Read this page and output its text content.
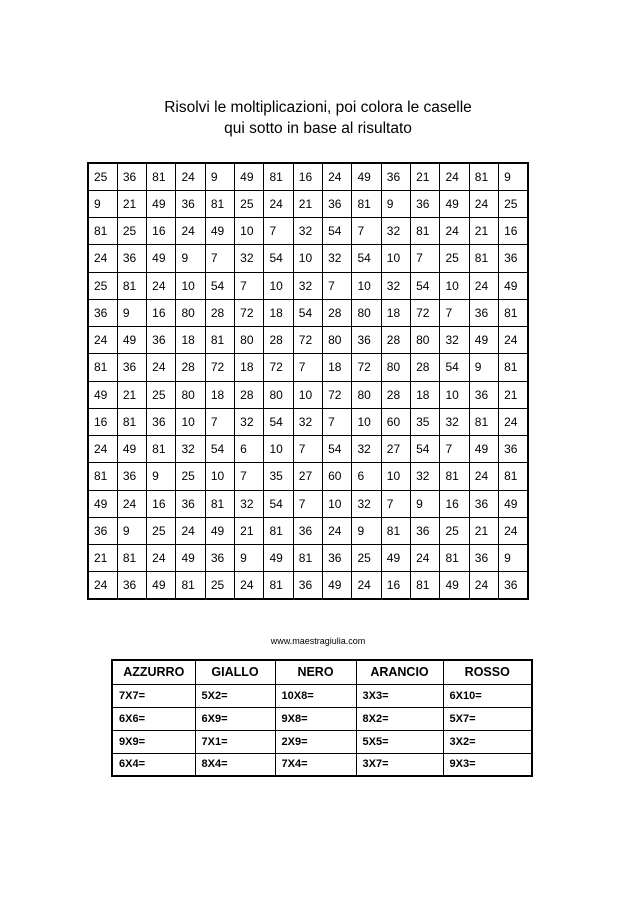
Risolvi le moltiplicazioni, poi colora le caselle
qui sotto in base al risultato
25	36	81	24	9	49	81	16	24	49	36	21	24	81	9
9	21	49	36	81	25	24	21	36	81	9	36	49	24	25
81	25	16	24	49	10	7	32	54	7	32	81	24	21	16
24	36	49	9	7	32	54	10	32	54	10	7	25	81	36
25	81	24	10	54	7	10	32	7	10	32	54	10	24	49
36	9	16	80	28	72	18	54	28	80	18	72	7	36	81
24	49	36	18	81	80	28	72	80	36	28	80	32	49	24
81	36	24	28	72	18	72	7	18	72	80	28	54	9	81
49	21	25	80	18	28	80	10	72	80	28	18	10	36	21
16	81	36	10	7	32	54	32	7	10	60	35	32	81	24
24	49	81	32	54	6	10	7	54	32	27	54	7	49	36
81	36	9	25	10	7	35	27	60	6	10	32	81	24	81
49	24	16	36	81	32	54	7	10	32	7	9	16	36	49
36	9	25	24	49	21	81	36	24	9	81	36	25	21	24
21	81	24	49	36	9	49	81	36	25	49	24	81	36	9
24	36	49	81	25	24	81	36	49	24	16	81	49	24	36
www.maestragiulia.com
AZZURRO	GIALLO	NERO	ARANCIO	ROSSO
7X7=	5X2=	10X8=	3X3=	6X10=
6X6=	6X9=	9X8=	8X2=	5X7=
9X9=	7X1=	2X9=	5X5=	3X2=
6X4=	8X4=	7X4=	3X7=	9X3=
